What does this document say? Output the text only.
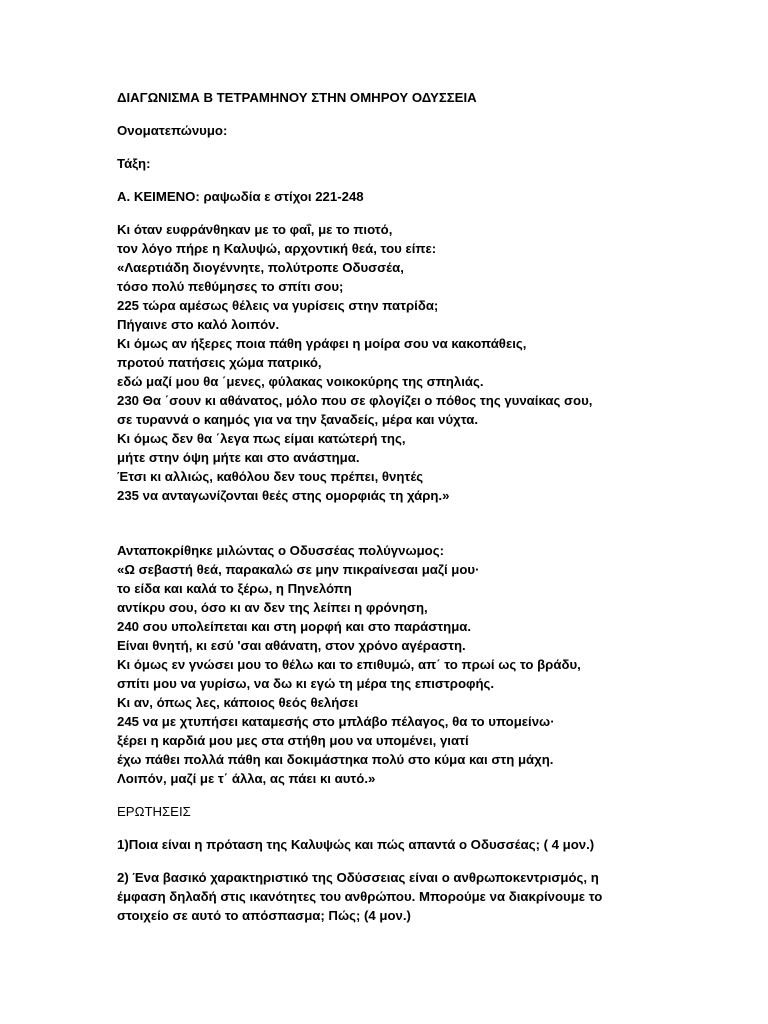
ΔΙΑΓΩΝΙΣΜΑ Β ΤΕΤΡΑΜΗΝΟΥ ΣΤΗΝ ΟΜΗΡΟΥ ΟΔΥΣΣΕΙΑ

Ονοματεπώνυμο:

Τάξη:

Α. ΚΕΙΜΕΝΟ: ραψωδία ε στίχοι 221-248

Κι όταν ευφράνθηκαν με το φαΐ, με το πιοτό,
τον λόγο πήρε η Καλυψώ, αρχοντική θεά, του είπε:
«Λαερτιάδη διογέννητε, πολύτροπε Οδυσσέα,
τόσο πολύ πεθύμησες το σπίτι σου;
225 τώρα αμέσως θέλεις να γυρίσεις στην πατρίδα;
Πήγαινε στο καλό λοιπόν.
Κι όμως αν ήξερες ποια πάθη γράφει η μοίρα σου να κακοπάθεις,
προτού πατήσεις χώμα πατρικό,
εδώ μαζί μου θα ΄μενες, φύλακας νοικοκύρης της σπηλιάς.
230 Θα ΄σουν κι αθάνατος, μόλο που σε φλογίζει ο πόθος της γυναίκας σου,
σε τυραννά ο καημός για να την ξαναδείς, μέρα και νύχτα.
Κι όμως δεν θα ΄λεγα πως είμαι κατώτερή της,
μήτε στην όψη μήτε και στο ανάστημα.
Έτσι κι αλλιώς, καθόλου δεν τους πρέπει, θνητές
235 να ανταγωνίζονται θεές στης ομορφιάς τη χάρη.»
Ανταποκρίθηκε μιλώντας ο Οδυσσέας πολύγνωμος:
«Ω σεβαστή θεά, παρακαλώ σε μην πικραίνεσαι μαζί μου·
το είδα και καλά το ξέρω, η Πηνελόπη
αντίκρυ σου, όσο κι αν δεν της λείπει η φρόνηση,
240 σου υπολείπεται και στη μορφή και στο παράστημα.
Είναι θνητή, κι εσύ 'σαι αθάνατη, στον χρόνο αγέραστη.
Κι όμως εν γνώσει μου το θέλω και το επιθυμώ, απ΄ το πρωί ως το βράδυ,
σπίτι μου να γυρίσω, να δω κι εγώ τη μέρα της επιστροφής.
Κι αν, όπως λες, κάποιος θεός θελήσει
245 να με χτυπήσει καταμεσής στο μπλάβο πέλαγος, θα το υπομείνω·
ξέρει η καρδιά μου μες στα στήθη μου να υπομένει, γιατί
έχω πάθει πολλά πάθη και δοκιμάστηκα πολύ στο κύμα και στη μάχη.
Λοιπόν, μαζί με τ΄ άλλα, ας πάει κι αυτό.»

ΕΡΩΤΗΣΕΙΣ

1)Ποια είναι η πρόταση της Καλυψώς και πώς απαντά ο Οδυσσέας; ( 4 μον.)

2) Ένα βασικό χαρακτηριστικό της Οδύσσειας είναι ο ανθρωποκεντρισμός, η
έμφαση δηλαδή στις ικανότητες του ανθρώπου. Μπορούμε να διακρίνουμε το
στοιχείο σε αυτό το απόσπασμα; Πώς; (4 μον.)
